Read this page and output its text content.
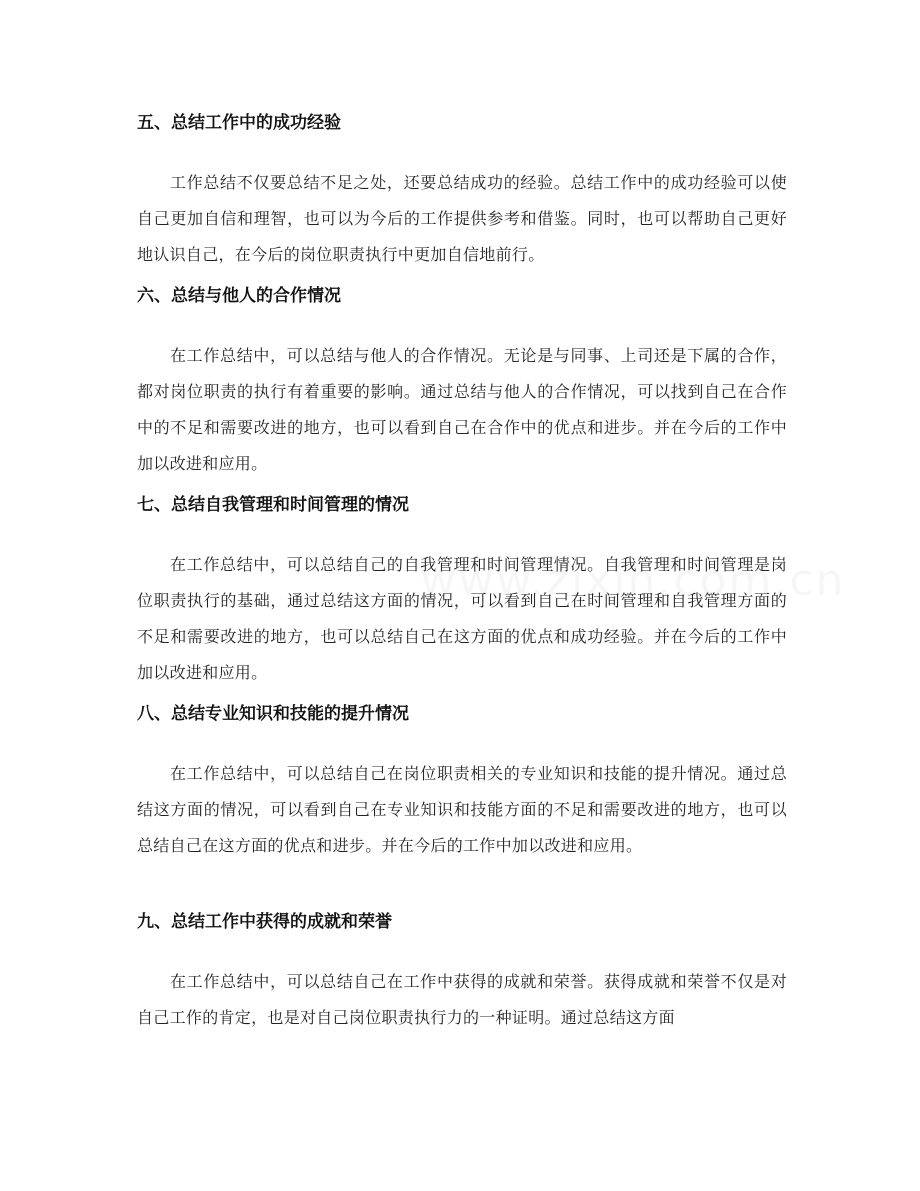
五、总结工作中的成功经验

工作总结不仅要总结不足之处，还要总结成功的经验。总结工作中的成功经验可以使自己更加自信和理智，也可以为今后的工作提供参考和借鉴。同时，也可以帮助自己更好地认识自己，在今后的岗位职责执行中更加自信地前行。

六、总结与他人的合作情况

在工作总结中，可以总结与他人的合作情况。无论是与同事、上司还是下属的合作，都对岗位职责的执行有着重要的影响。通过总结与他人的合作情况，可以找到自己在合作中的不足和需要改进的地方，也可以看到自己在合作中的优点和进步。并在今后的工作中加以改进和应用。

七、总结自我管理和时间管理的情况

在工作总结中，可以总结自己的自我管理和时间管理情况。自我管理和时间管理是岗位职责执行的基础，通过总结这方面的情况，可以看到自己在时间管理和自我管理方面的不足和需要改进的地方，也可以总结自己在这方面的优点和成功经验。并在今后的工作中加以改进和应用。

八、总结专业知识和技能的提升情况

在工作总结中，可以总结自己在岗位职责相关的专业知识和技能的提升情况。通过总结这方面的情况，可以看到自己在专业知识和技能方面的不足和需要改进的地方，也可以总结自己在这方面的优点和进步。并在今后的工作中加以改进和应用。

九、总结工作中获得的成就和荣誉

在工作总结中，可以总结自己在工作中获得的成就和荣誉。获得成就和荣誉不仅是对自己工作的肯定，也是对自己岗位职责执行力的一种证明。通过总结这方面
